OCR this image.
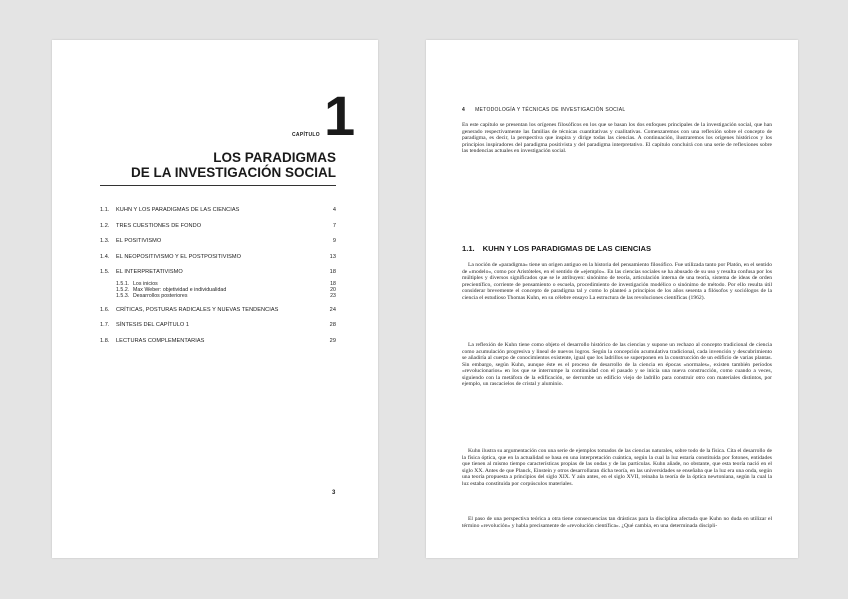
CAPÍTULO 1
LOS PARADIGMAS
DE LA INVESTIGACIÓN SOCIAL
1.1.	KUHN Y LOS PARADIGMAS DE LAS CIENCIAS	4
1.2.	TRES CUESTIONES DE FONDO	7
1.3.	EL POSITIVISMO	9
1.4.	EL NEOPOSITIVISMO Y EL POSTPOSITIVISMO	13
1.5.	EL INTERPRETATIVISMO	18
1.5.1. Los inicios	18
1.5.2. Max Weber: objetividad e individualidad	20
1.5.3. Desarrollos posteriores	23
1.6.	CRÍTICAS, POSTURAS RADICALES Y NUEVAS TENDENCIAS	24
1.7.	SÍNTESIS DEL CAPÍTULO 1	28
1.8.	LECTURAS COMPLEMENTARIAS	29
3
4 METODOLOGÍA Y TÉCNICAS DE INVESTIGACIÓN SOCIAL

En este capítulo se presentan los orígenes filosóficos en los que se basan los dos enfoques principales de la investigación social, que han generado respectivamente las familias de técnicas cuantitativas y cualitativas. Comenzaremos con una reflexión sobre el concepto de paradigma, es decir, la perspectiva que inspira y dirige todas las ciencias. A continuación, ilustraremos los orígenes históricos y los principios inspiradores del paradigma positivista y del paradigma interpretativo. El capítulo concluirá con una serie de reflexiones sobre las tendencias actuales en investigación social.

1.1. KUHN Y LOS PARADIGMAS DE LAS CIENCIAS

La noción de «paradigma» tiene un origen antiguo en la historia del pensamiento filosófico. Fue utilizada tanto por Platón, en el sentido de «modelo», como por Aristóteles, en el sentido de «ejemplo». En las ciencias sociales se ha abusado de su uso y resulta confusa por los múltiples y diversos significados que se le atribuyen: sinónimo de teoría, articulación interna de una teoría, sistema de ideas de orden precientífico, corriente de pensamiento o escuela, procedimiento de investigación modélico o sinónimo de método. Por ello resulta útil considerar brevemente el concepto de paradigma tal y como lo planteó a principios de los años sesenta a filósofos y sociólogos de la ciencia el estudioso Thomas Kuhn, en su célebre ensayo La estructura de las revoluciones científicas (1962).

La reflexión de Kuhn tiene como objeto el desarrollo histórico de las ciencias y supone un rechazo al concepto tradicional de ciencia como acumulación progresiva y lineal de nuevos logros. Según la concepción acumulativa tradicional, cada invención y descubrimiento se añadiría al cuerpo de conocimientos existente, igual que los ladrillos se superponen en la construcción de un edificio de varias plantas. Sin embargo, según Kuhn, aunque éste es el proceso de desarrollo de la ciencia en épocas «normales», existen también períodos «revolucionarios» en los que se interrumpe la continuidad con el pasado y se inicia una nueva construcción, como cuando a veces, siguiendo con la metáfora de la edificación, se derrumbe un edificio viejo de ladrillo para construir otro con materiales distintos, por ejemplo, un rascacielos de cristal y aluminio.

Kuhn ilustra su argumentación con una serie de ejemplos tomados de las ciencias naturales, sobre todo de la física. Cita el desarrollo de la física óptica, que en la actualidad se basa en una interpretación cuántica, según la cual la luz estaría constituida por fotones, entidades que tienen al mismo tiempo características propias de las ondas y de las partículas. Kuhn añade, no obstante, que esta teoría nació en el siglo XX. Antes de que Planck, Einstein y otros desarrollaran dicha teoría, en las universidades se enseñaba que la luz era una onda, según una teoría propuesta a principios del siglo XIX. Y aún antes, en el siglo XVII, reinaba la teoría de la óptica newtoniana, según la cual la luz estaba constituida por corpúsculos materiales.

El paso de una perspectiva teórica a otra tiene consecuencias tan drásticas para la disciplina afectada que Kuhn no duda en utilizar el término «revolución» y habla precisamente de «revolución científica». ¿Qué cambia, en una determinada discipli-
